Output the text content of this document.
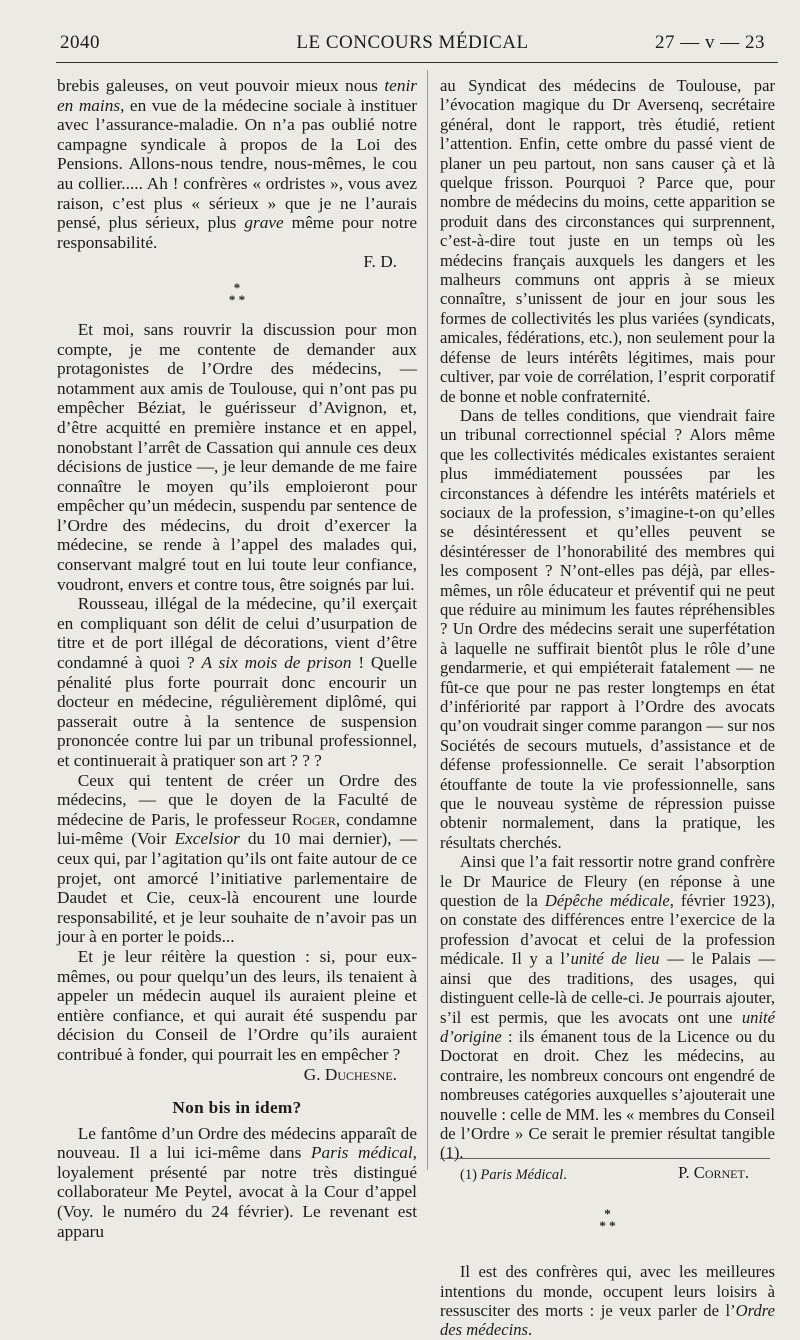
2040	LE CONCOURS MÉDICAL	27 — v — 23

brebis galeuses, on veut pouvoir mieux nous tenir en mains, en vue de la médecine sociale à instituer avec l’assurance-maladie. On n’a pas oublié notre campagne syndicale à propos de la Loi des Pensions. Allons-nous tendre, nous-mêmes, le cou au collier..... Ah ! confrères « ordristes », vous avez raison, c’est plus « sérieux » que je ne l’aurais pensé, plus sérieux, plus grave même pour notre responsabilité.

F. D.

*
* *

Et moi, sans rouvrir la discussion pour mon compte, je me contente de demander aux protagonistes de l’Ordre des médecins, — notamment aux amis de Toulouse, qui n’ont pas pu empêcher Béziat, le guérisseur d’Avignon, et, d’être acquitté en première instance et en appel, nonobstant l’arrêt de Cassation qui annule ces deux décisions de justice —, je leur demande de me faire connaître le moyen qu’ils emploieront pour empêcher qu’un médecin, suspendu par sentence de l’Ordre des médecins, du droit d’exercer la médecine, se rende à l’appel des malades qui, conservant malgré tout en lui toute leur confiance, voudront, envers et contre tous, être soignés par lui.

Rousseau, illégal de la médecine, qu’il exerçait en compliquant son délit de celui d’usurpation de titre et de port illégal de décorations, vient d’être condamné à quoi ? A six mois de prison ! Quelle pénalité plus forte pourrait donc encourir un docteur en médecine, régulièrement diplômé, qui passerait outre à la sentence de suspension prononcée contre lui par un tribunal professionnel, et continuerait à pratiquer son art ? ? ?

Ceux qui tentent de créer un Ordre des médecins, — que le doyen de la Faculté de médecine de Paris, le professeur Roger, condamne lui-même (Voir Excelsior du 10 mai dernier), — ceux qui, par l’agitation qu’ils ont faite autour de ce projet, ont amorcé l’initiative parlementaire de Daudet et Cie, ceux-là encourent une lourde responsabilité, et je leur souhaite de n’avoir pas un jour à en porter le poids...

Et je leur réitère la question : si, pour eux-mêmes, ou pour quelqu’un des leurs, ils tenaient à appeler un médecin auquel ils auraient pleine et entière confiance, et qui aurait été suspendu par décision du Conseil de l’Ordre qu’ils auraient contribué à fonder, qui pourrait les en empêcher ?

G. Duchesne.

Non bis in idem?

Le fantôme d’un Ordre des médecins apparaît de nouveau. Il a lui ici-même dans Paris médical, loyalement présenté par notre très distingué collaborateur Me Peytel, avocat à la Cour d’appel (Voy. le numéro du 24 février). Le revenant est apparu

au Syndicat des médecins de Toulouse, par l’évocation magique du Dr Aversenq, secrétaire général, dont le rapport, très étudié, retient l’attention. Enfin, cette ombre du passé vient de planer un peu partout, non sans causer çà et là quelque frisson. Pourquoi ? Parce que, pour nombre de médecins du moins, cette apparition se produit dans des circonstances qui surprennent, c’est-à-dire tout juste en un temps où les médecins français auxquels les dangers et les malheurs communs ont appris à se mieux connaître, s’unissent de jour en jour sous les formes de collectivités les plus variées (syndicats, amicales, fédérations, etc.), non seulement pour la défense de leurs intérêts légitimes, mais pour cultiver, par voie de corrélation, l’esprit corporatif de bonne et noble confraternité.

Dans de telles conditions, que viendrait faire un tribunal correctionnel spécial ? Alors même que les collectivités médicales existantes seraient plus immédiatement poussées par les circonstances à défendre les intérêts matériels et sociaux de la profession, s’imagine-t-on qu’elles se désintéressent et qu’elles peuvent se désintéresser de l’honorabilité des membres qui les composent ? N’ont-elles pas déjà, par elles-mêmes, un rôle éducateur et préventif qui ne peut que réduire au minimum les fautes répréhensibles ? Un Ordre des médecins serait une superfétation à laquelle ne suffirait bientôt plus le rôle d’une gendarmerie, et qui empiéterait fatalement — ne fût-ce que pour ne pas rester longtemps en état d’infériorité par rapport à l’Ordre des avocats qu’on voudrait singer comme parangon — sur nos Sociétés de secours mutuels, d’assistance et de défense professionnelle. Ce serait l’absorption étouffante de toute la vie professionnelle, sans que le nouveau système de répression puisse obtenir normalement, dans la pratique, les résultats cherchés.

Ainsi que l’a fait ressortir notre grand confrère le Dr Maurice de Fleury (en réponse à une question de la Dépêche médicale, février 1923), on constate des différences entre l’exercice de la profession d’avocat et celui de la profession médicale. Il y a l’unité de lieu — le Palais — ainsi que des traditions, des usages, qui distinguent celle-là de celle-ci. Je pourrais ajouter, s’il est permis, que les avocats ont une unité d’origine : ils émanent tous de la Licence ou du Doctorat en droit. Chez les médecins, au contraire, les nombreux concours ont engendré de nombreuses catégories auxquelles s’ajouterait une nouvelle : celle de MM. les « membres du Conseil de l’Ordre » Ce serait le premier résultat tangible (1).

P. Cornet.

*
* *

Il est des confrères qui, avec les meilleures intentions du monde, occupent leurs loisirs à ressusciter des morts : je veux parler de l’Ordre des médecins.

(1) Paris Médical.
